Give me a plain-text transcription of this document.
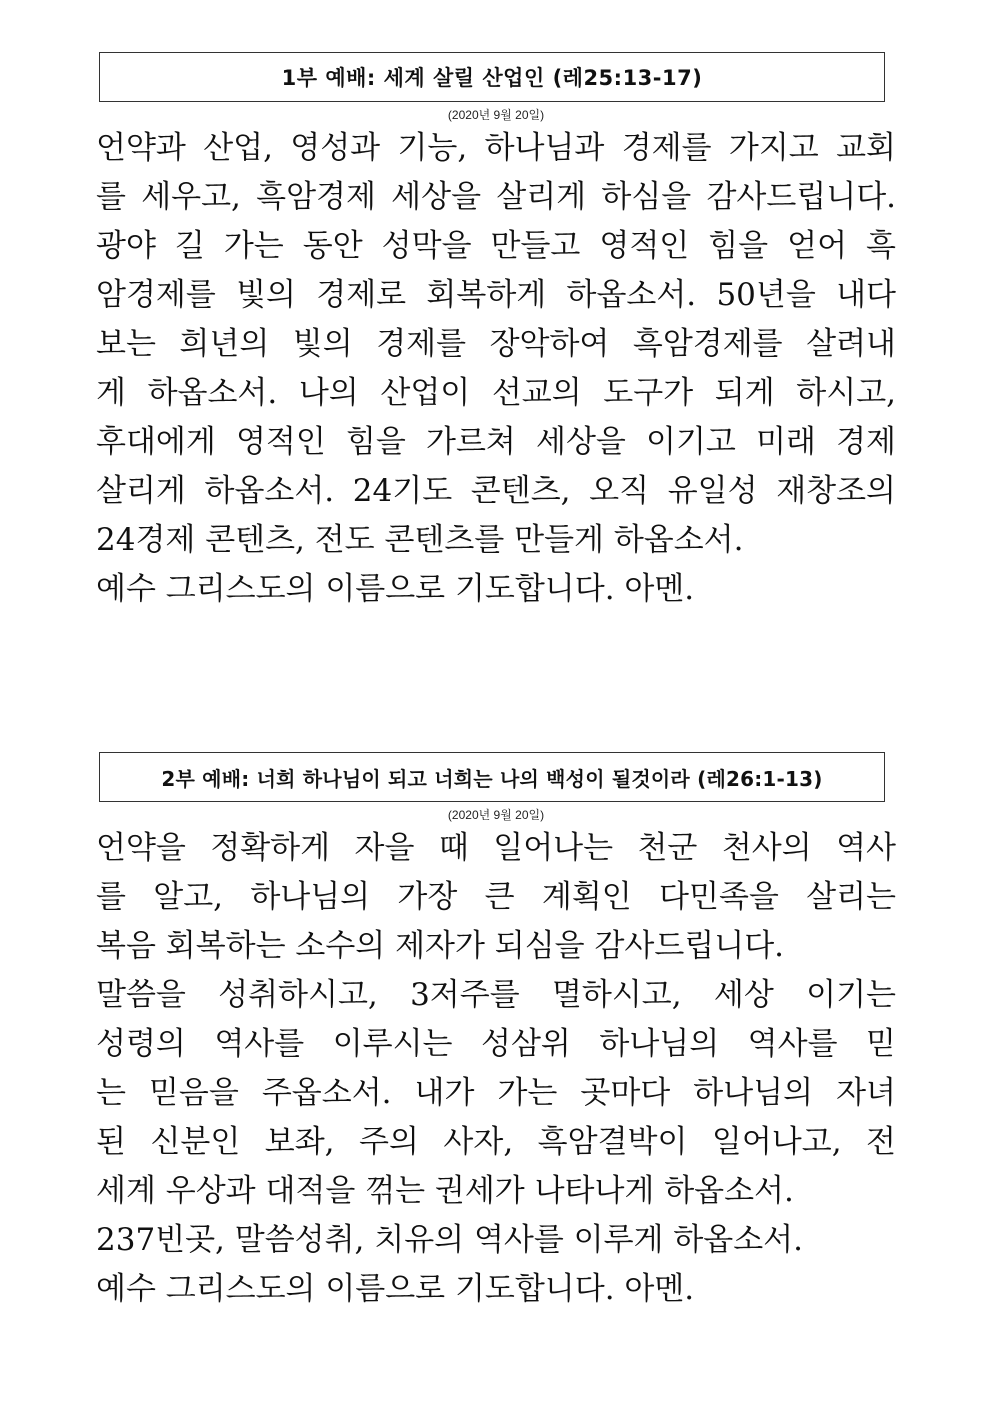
1부 예배: 세계 살릴 산업인 (레25:13-17)
(2020년 9월 20일)
언약과 산업, 영성과 기능, 하나님과 경제를 가지고 교회
를 세우고, 흑암경제 세상을 살리게 하심을 감사드립니다.
광야 길 가는 동안 성막을 만들고 영적인 힘을 얻어 흑
암경제를 빛의 경제로 회복하게 하옵소서. 50년을 내다
보는 희년의 빛의 경제를 장악하여 흑암경제를 살려내
게 하옵소서. 나의 산업이 선교의 도구가 되게 하시고,
후대에게 영적인 힘을 가르쳐 세상을 이기고 미래 경제
살리게 하옵소서. 24기도 콘텐츠, 오직 유일성 재창조의
24경제 콘텐츠, 전도 콘텐츠를 만들게 하옵소서.
예수 그리스도의 이름으로 기도합니다. 아멘.
2부 예배: 너희 하나님이 되고 너희는 나의 백성이 될것이라 (레26:1-13)
(2020년 9월 20일)
언약을 정확하게 자을 때 일어나는 천군 천사의 역사
를 알고, 하나님의 가장 큰 계획인 다민족을 살리는
복음 회복하는 소수의 제자가 되심을 감사드립니다.
말씀을 성취하시고, 3저주를 멸하시고, 세상 이기는
성령의 역사를 이루시는 성삼위 하나님의 역사를 믿
는 믿음을 주옵소서. 내가 가는 곳마다 하나님의 자녀
된 신분인 보좌, 주의 사자, 흑암결박이 일어나고, 전
세계 우상과 대적을 꺾는 권세가 나타나게 하옵소서.
237빈곳, 말씀성취, 치유의 역사를 이루게 하옵소서.
예수 그리스도의 이름으로 기도합니다. 아멘.
